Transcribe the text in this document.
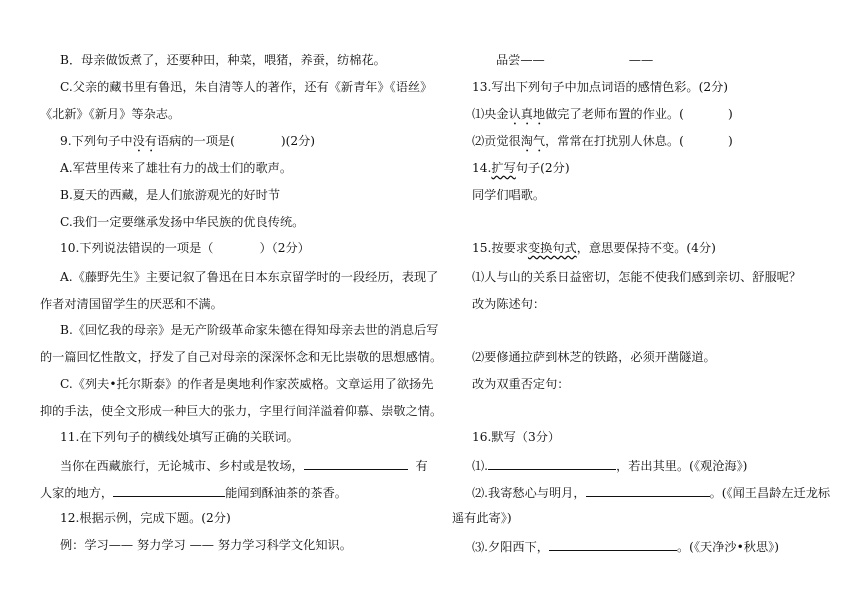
B．母亲做饭煮了，还要种田，种菜，喂猪，养蚕，纺棉花。
C.父亲的藏书里有鲁迅，朱自清等人的著作，还有《新青年》《语丝》
《北新》《新月》等杂志。
9.下列句子中没有语病的一项是(	)(2分)
A.军营里传来了雄壮有力的战士们的歌声。
B.夏天的西藏，是人们旅游观光的好时节
C.我们一定要继承发扬中华民族的优良传统。
10.下列说法错误的一项是（	）（2分）
A.《藤野先生》主要记叙了鲁迅在日本东京留学时的一段经历，表现了
作者对清国留学生的厌恶和不满。
B.《回忆我的母亲》是无产阶级革命家朱德在得知母亲去世的消息后写
的一篇回忆性散文，抒发了自己对母亲的深深怀念和无比崇敬的思想感情。
C.《列夫•托尔斯泰》的作者是奥地利作家茨威格。文章运用了欲扬先
抑的手法，使全文形成一种巨大的张力，字里行间洋溢着仰慕、崇敬之情。
11.在下列句子的横线处填写正确的关联词。
当你在西藏旅行，无论城市、乡村或是牧场，	有
人家的地方，	能闻到酥油茶的茶香。
12.根据示例，完成下题。(2分)
例：学习—— 努力学习 —— 努力学习科学文化知识。
品尝——	——
13.写出下列句子中加点词语的感情色彩。(2分)
⑴央金认真地做完了老师布置的作业。(	)
⑵贡觉很淘气，常常在打扰别人休息。(	)
14.扩写句子(2分)
同学们唱歌。
15.按要求变换句式，意思要保持不变。(4分)
⑴人与山的关系日益密切，怎能不使我们感到亲切、舒服呢？
改为陈述句：
⑵要修通拉萨到林芝的铁路，必须开凿隧道。
改为双重否定句：
16.默写（3分）
⑴.	，若出其里。(《观沧海》)
⑵.我寄愁心与明月，	。(《闻王昌龄左迁龙标
遥有此寄》)
⑶.夕阳西下，	。(《天净沙•秋思》)
